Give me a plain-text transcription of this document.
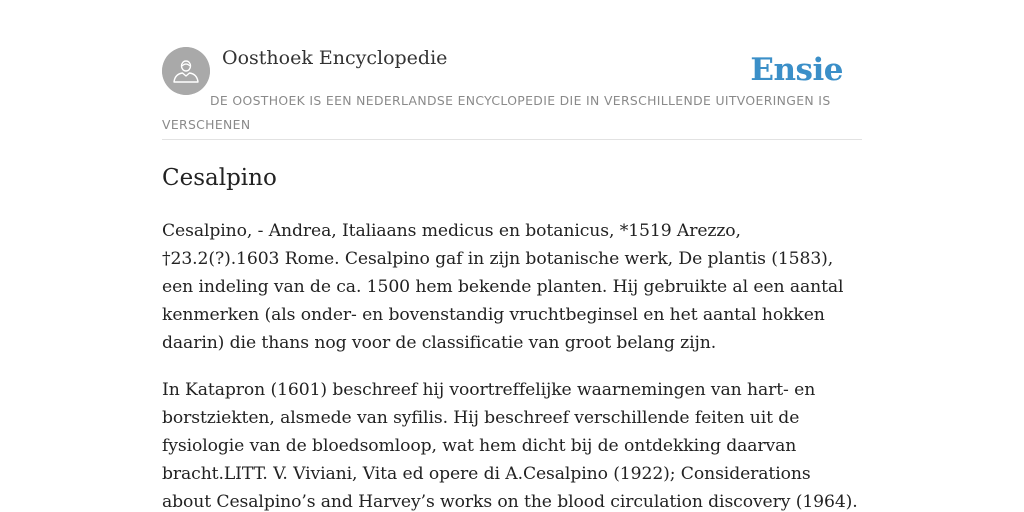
Oosthoek Encyclopedie	Ensie
DE OOSTHOEK IS EEN NEDERLANDSE ENCYCLOPEDIE DIE IN VERSCHILLENDE UITVOERINGEN IS VERSCHENEN
Cesalpino

Cesalpino, - Andrea, Italiaans medicus en botanicus, *1519 Arezzo, †23.2(?).1603 Rome. Cesalpino gaf in zijn botanische werk, De plantis (1583), een indeling van de ca. 1500 hem bekende planten. Hij gebruikte al een aantal kenmerken (als onder- en bovenstandig vruchtbeginsel en het aantal hokken daarin) die thans nog voor de classificatie van groot belang zijn.

In Katapron (1601) beschreef hij voortreffelijke waarnemingen van hart- en borstziekten, alsmede van syfilis. Hij beschreef verschillende feiten uit de fysiologie van de bloedsomloop, wat hem dicht bij de ontdekking daarvan bracht.LITT. V. Viviani, Vita ed opere di A.Cesalpino (1922); Considerations about Cesalpino’s and Harvey’s works on the blood circulation discovery (1964).
